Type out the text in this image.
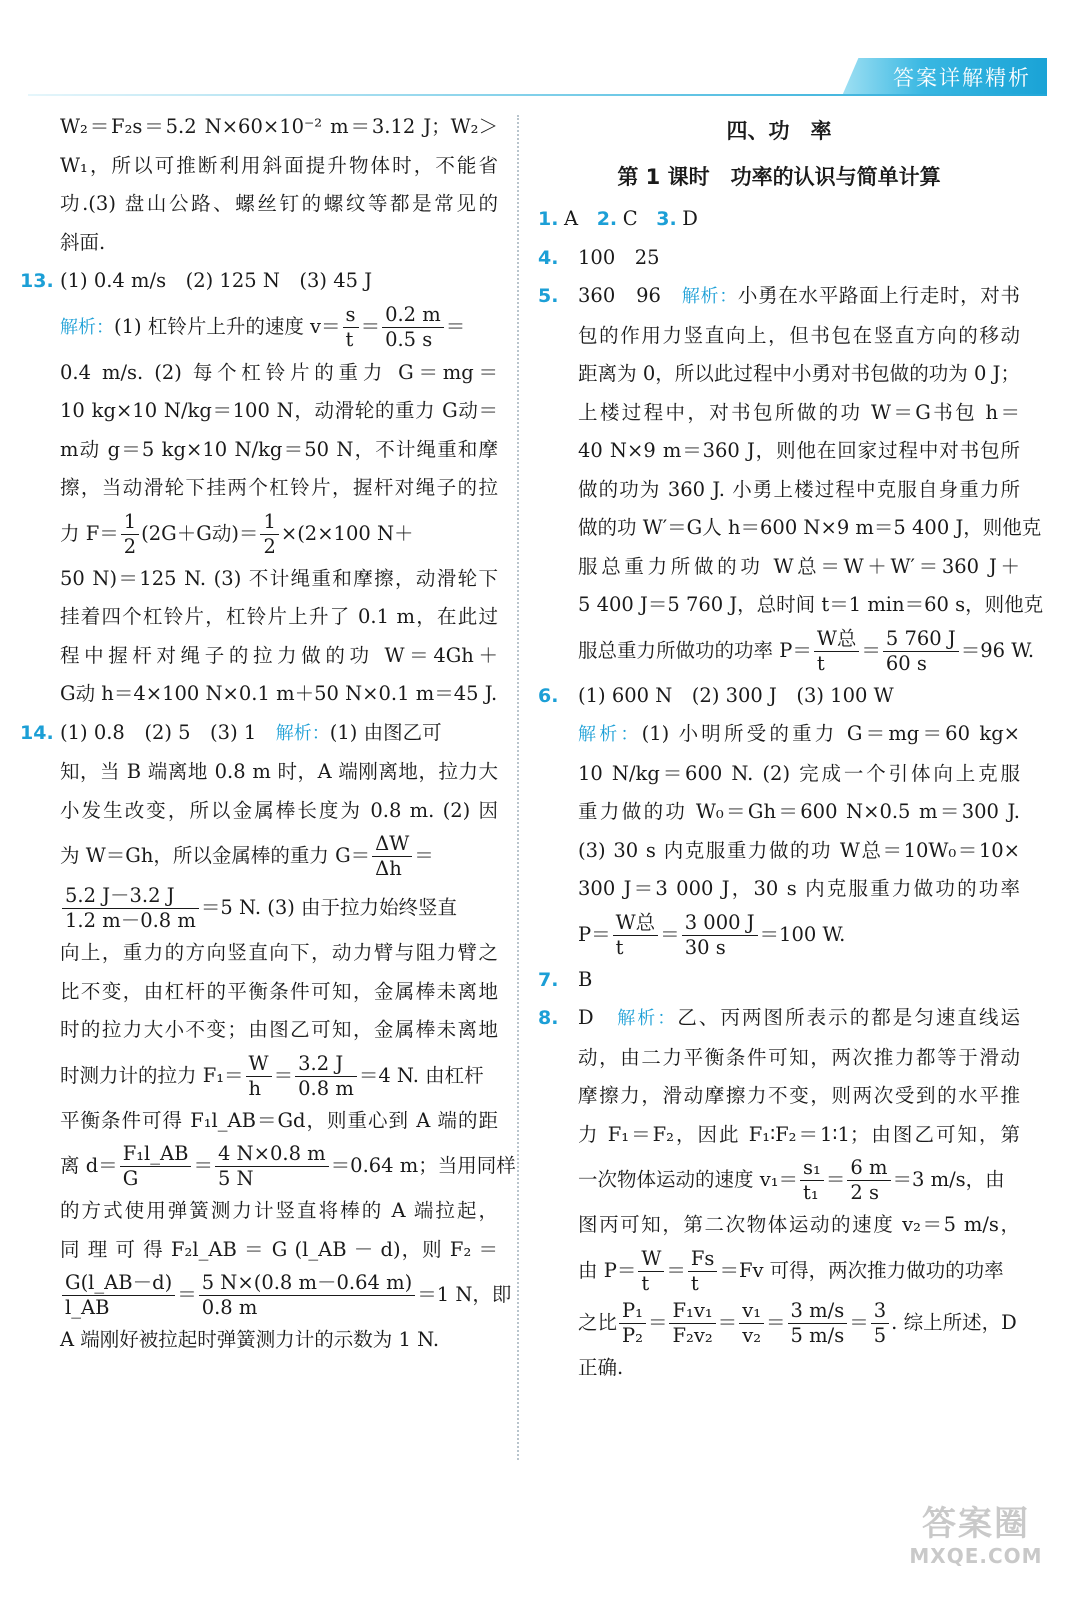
答案详解精析
W₂＝F₂s＝5.2 N×60×10⁻² m＝3.12 J；W₂＞
W₁，所以可推断利用斜面提升物体时，不能省
功.(3) 盘山公路、螺丝钉的螺纹等都是常见的
斜面.
13. (1) 0.4 m/s　(2) 125 N　(3) 45 J
解析：(1) 杠铃片上升的速度 $v= \frac{s}{t} = \frac{0.2 m}{0.5 s}$ ＝
0.4 m/s. (2) 每个杠铃片的重力 G＝mg＝
10 kg×10 N/kg＝100 N，动滑轮的重力 G动＝
m动 g＝5 kg×10 N/kg＝50 N，不计绳重和摩
擦，当动滑轮下挂两个杠铃片，握杆对绳子的拉
力 $F= \frac{1}{2} (2G+G$动)＝ $\frac{1}{2} \times(2\times 100$ N＋
50 N)＝125 N. (3) 不计绳重和摩擦，动滑轮下
挂着四个杠铃片，杠铃片上升了 0.1 m，在此过
程中握杆对绳子的拉力做的功 W＝4Gh＋
G动 h＝4×100 N×0.1 m＋50 N×0.1 m＝45 J.
14. (1) 0.8　(2) 5　(3) 1　解析：(1) 由图乙可
知，当 B 端离地 0.8 m 时，A 端刚离地，拉力大
小发生改变，所以金属棒长度为 0.8 m. (2) 因
为 W＝Gh，所以金属棒的重力 $G= \frac{\Delta W}{\Delta h}$ ＝
$\frac{5.2 J-3.2 J}{1.2 m-0.8 m} =5$ N. (3) 由于拉力始终竖直
向上，重力的方向竖直向下，动力臂与阻力臂之
比不变，由杠杆的平衡条件可知，金属棒未离地
时的拉力大小不变；由图乙可知，金属棒未离地
时测力计的拉力 $F_1= \frac{W}{h} = \frac{3.2 J}{0.8 m} =4$ N. 由杠杆
平衡条件可得 F₁l_AB＝Gd，则重心到 A 端的距
离 $d= \frac{\text{F₁l\_AB}}{G} = \frac{4 N\times 0.8 m}{5 N} =0.64$ m；当用同样
的方式使用弹簧测力计竖直将棒的 A 端拉起，
同 理 可 得 F₂l_AB ＝ G (l_AB － d)，则 F₂ ＝
$\frac{G(l\_AB-d)}{l\_AB} = \frac{5 N\times(0.8 m-0.64 m)}{0.8 m} =1$ N，即
A 端刚好被拉起时弹簧测力计的示数为 1 N.
四、功　率
第 1 课时　功率的认识与简单计算
1. A 2. C 3. D
4. 100　25
5. 360　96　解析：小勇在水平路面上行走时，对书
包的作用力竖直向上，但书包在竖直方向的移动
距离为 0，所以此过程中小勇对书包做的功为 0 J；
上楼过程中，对书包所做的功 W＝G书包 h＝
40 N×9 m＝360 J，则他在回家过程中对书包所
做的功为 360 J. 小勇上楼过程中克服自身重力所
做的功 W′＝G人 h＝600 N×9 m＝5 400 J，则他克
服总重力所做的功 W总＝W＋W′＝360 J＋
5 400 J＝5 760 J，总时间 t＝1 min＝60 s，则他克
服总重力所做功的功率 P＝
W总
t
＝ $\frac{5 760 J}{60 s} =96$ W.
6. (1) 600 N　(2) 300 J　(3) 100 W
解析：(1) 小明所受的重力 G＝mg＝60 kg×
10 N/kg＝600 N. (2) 完成一个引体向上克服
重力做的功 W₀＝Gh＝600 N×0.5 m＝300 J.
(3) 30 s 内克服重力做的功 W总＝10W₀＝10×
300 J＝3 000 J，30 s 内克服重力做功的功率
P＝
W总
t
＝ $\frac{3 000 J}{30 s} =100$ W.
7. B
8. D　解析：乙、丙两图所表示的都是匀速直线运
动，由二力平衡条件可知，两次推力都等于滑动
摩擦力，滑动摩擦力不变，则两次受到的水平推
力 F₁＝F₂，因此 F₁∶F₂＝1∶1；由图乙可知，第
一次物体运动的速度 $v_1= \frac{\text{s₁}}{\text{t₁}} = \frac{6 m}{2 s} =3$ m/s，由
图丙可知，第二次物体运动的速度 v₂＝5 m/s，
由 $P= \frac{W}{t} = \frac{Fs}{t} =Fv$ 可得，两次推力做功的功率
之比 $\frac{\text{P₁}}{\text{P₂}} = \frac{\text{F₁v₁}}{\text{F₂v₂}} = \frac{\text{v₁}}{\text{v₂}} = \frac{3 m/s}{5 m/s} = \frac{3}{5}$ . 综上所述，D
正确.
答案圈
MXQE.COM
